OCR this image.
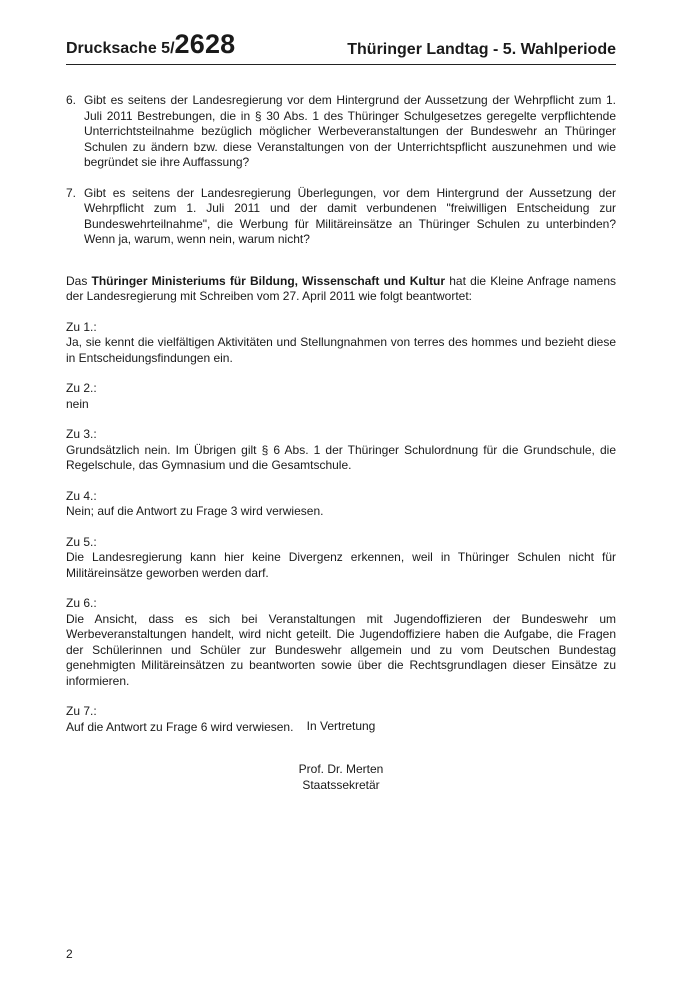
Drucksache 5/2628	Thüringer Landtag - 5. Wahlperiode
6. Gibt es seitens der Landesregierung vor dem Hintergrund der Aussetzung der Wehrpflicht zum 1. Juli 2011 Bestrebungen, die in § 30 Abs. 1 des Thüringer Schulgesetzes geregelte verpflichtende Unterrichtsteilnahme bezüglich möglicher Werbeveranstaltungen der Bundeswehr an Thüringer Schulen zu ändern bzw. diese Veranstaltungen von der Unterrichtspflicht auszunehmen und wie begründet sie ihre Auffassung?
7. Gibt es seitens der Landesregierung Überlegungen, vor dem Hintergrund der Aussetzung der Wehrpflicht zum 1. Juli 2011 und der damit verbundenen "freiwilligen Entscheidung zur Bundeswehrteilnahme", die Werbung für Militäreinsätze an Thüringer Schulen zu unterbinden? Wenn ja, warum, wenn nein, warum nicht?

Das Thüringer Ministeriums für Bildung, Wissenschaft und Kultur hat die Kleine Anfrage namens der Landesregierung mit Schreiben vom 27. April 2011 wie folgt beantwortet:

Zu 1.:
Ja, sie kennt die vielfältigen Aktivitäten und Stellungnahmen von terres des hommes und bezieht diese in Entscheidungsfindungen ein.
Zu 2.:
nein
Zu 3.:
Grundsätzlich nein. Im Übrigen gilt § 6 Abs. 1 der Thüringer Schulordnung für die Grundschule, die Regelschule, das Gymnasium und die Gesamtschule.
Zu 4.:
Nein; auf die Antwort zu Frage 3 wird verwiesen.
Zu 5.:
Die Landesregierung kann hier keine Divergenz erkennen, weil in Thüringer Schulen nicht für Militäreinsätze geworben werden darf.
Zu 6.:
Die Ansicht, dass es sich bei Veranstaltungen mit Jugendoffizieren der Bundeswehr um Werbeveranstaltungen handelt, wird nicht geteilt. Die Jugendoffiziere haben die Aufgabe, die Fragen der Schülerinnen und Schüler zur Bundeswehr allgemein und zu vom Deutschen Bundestag genehmigten Militäreinsätzen zu beantworten sowie über die Rechtsgrundlagen dieser Einsätze zu informieren.
Zu 7.:
Auf die Antwort zu Frage 6 wird verwiesen.	In Vertretung
Prof. Dr. Merten
Staatssekretär
2
